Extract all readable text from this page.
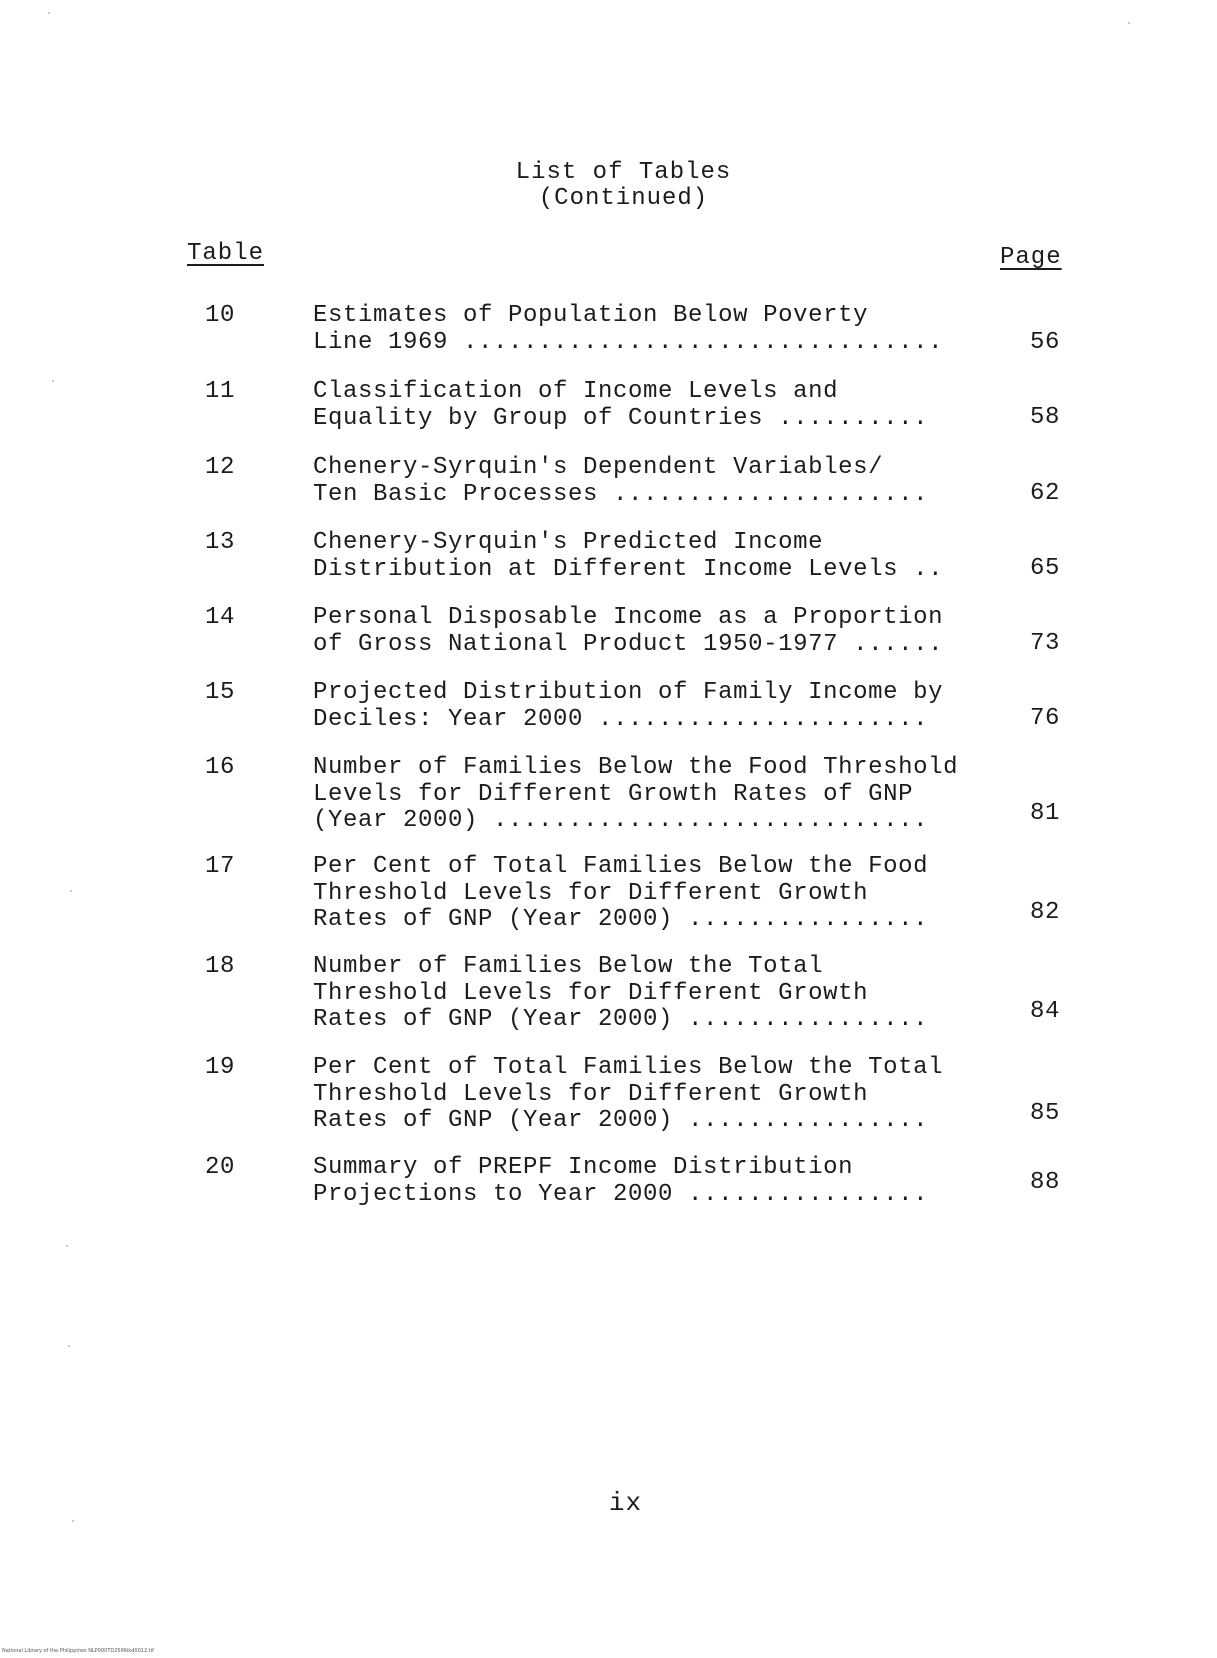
List of Tables
(Continued)
Table	Page
10	Estimates of Population Below Poverty
Line 1969 ................................	56
11	Classification of Income Levels and
Equality by Group of Countries ..........	58
12	Chenery-Syrquin's Dependent Variables/
Ten Basic Processes .....................	62
13	Chenery-Syrquin's Predicted Income
Distribution at Different Income Levels ..	65
14	Personal Disposable Income as a Proportion
of Gross National Product 1950-1977 ......	73
15	Projected Distribution of Family Income by
Deciles: Year 2000 ......................	76
16	Number of Families Below the Food Threshold
Levels for Different Growth Rates of GNP
(Year 2000) .............................	81
17	Per Cent of Total Families Below the Food
Threshold Levels for Different Growth
Rates of GNP (Year 2000) ................	82
18	Number of Families Below the Total
Threshold Levels for Different Growth
Rates of GNP (Year 2000) ................	84
19	Per Cent of Total Families Below the Total
Threshold Levels for Different Growth
Rates of GNP (Year 2000) ................	85
20	Summary of PREPF Income Distribution
Projections to Year 2000 ................	88
ix
National Library of the Philippines NLP000TD2566ikd0012.tif
